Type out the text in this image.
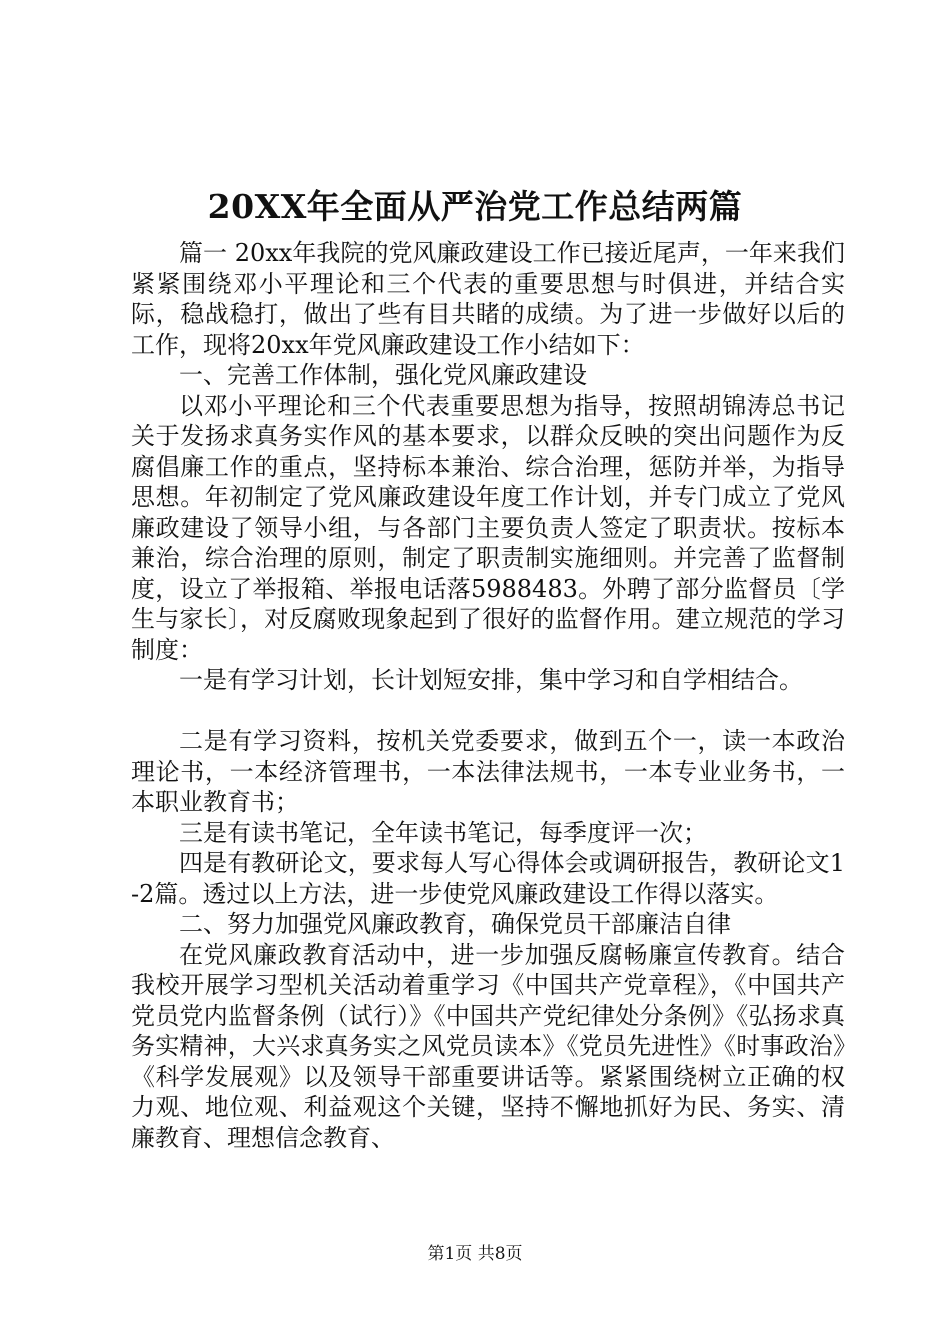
20XX年全面从严治党工作总结两篇

篇一 20xx年我院的党风廉政建设工作已接近尾声，一年来我们紧紧围绕邓小平理论和三个代表的重要思想与时俱进，并结合实际，稳战稳打，做出了些有目共睹的成绩。为了进一步做好以后的工作，现将20xx年党风廉政建设工作小结如下：

一、完善工作体制，强化党风廉政建设

以邓小平理论和三个代表重要思想为指导，按照胡锦涛总书记关于发扬求真务实作风的基本要求，以群众反映的突出问题作为反腐倡廉工作的重点，坚持标本兼治、综合治理，惩防并举，为指导思想。年初制定了党风廉政建设年度工作计划，并专门成立了党风廉政建设了领导小组，与各部门主要负责人签定了职责状。按标本兼治，综合治理的原则，制定了职责制实施细则。并完善了监督制度，设立了举报箱、举报电话落5988483。外聘了部分监督员〔学生与家长〕，对反腐败现象起到了很好的监督作用。建立规范的学习制度：

一是有学习计划，长计划短安排，集中学习和自学相结合。

二是有学习资料，按机关党委要求，做到五个一，读一本政治理论书，一本经济管理书，一本法律法规书，一本专业业务书，一本职业教育书；

三是有读书笔记，全年读书笔记，每季度评一次；

四是有教研论文，要求每人写心得体会或调研报告，教研论文1-2篇。透过以上方法，进一步使党风廉政建设工作得以落实。

二、努力加强党风廉政教育，确保党员干部廉洁自律

在党风廉政教育活动中，进一步加强反腐畅廉宣传教育。结合我校开展学习型机关活动着重学习《中国共产党章程》，《中国共产党员党内监督条例（试行）》《中国共产党纪律处分条例》《弘扬求真务实精神，大兴求真务实之风党员读本》《党员先进性》《时事政治》《科学发展观》以及领导干部重要讲话等。紧紧围绕树立正确的权力观、地位观、利益观这个关键，坚持不懈地抓好为民、务实、清廉教育、理想信念教育、

第1页 共8页
